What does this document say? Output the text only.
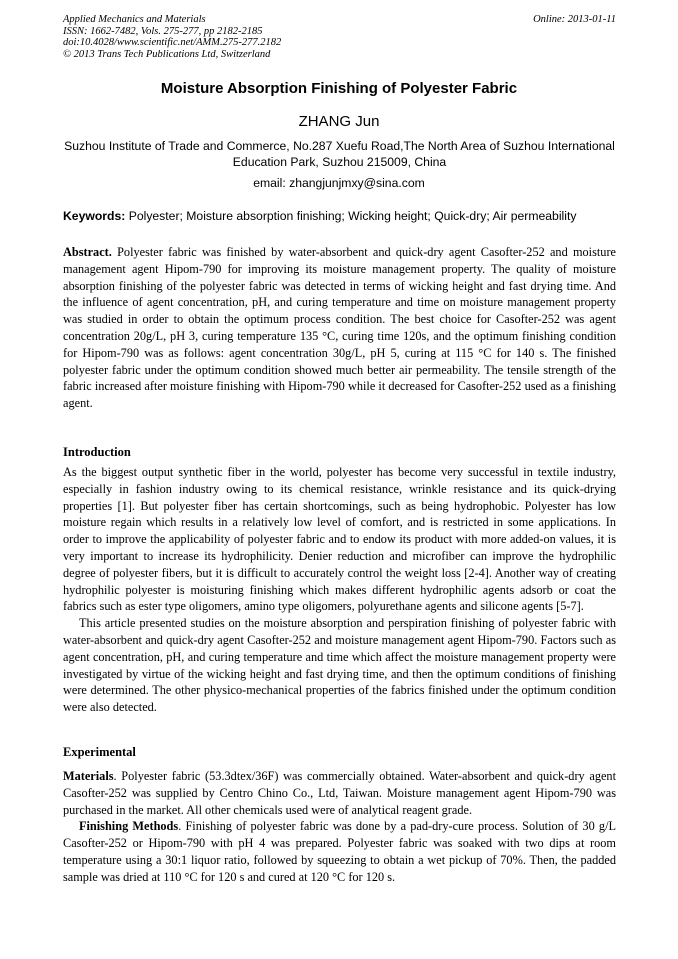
Applied Mechanics and Materials
ISSN: 1662-7482, Vols. 275-277, pp 2182-2185
doi:10.4028/www.scientific.net/AMM.275-277.2182
© 2013 Trans Tech Publications Ltd, Switzerland
Online: 2013-01-11
Moisture Absorption Finishing of Polyester Fabric
ZHANG Jun
Suzhou Institute of Trade and Commerce, No.287 Xuefu Road,The North Area of Suzhou International Education Park, Suzhou 215009, China
email: zhangjunjmxy@sina.com
Keywords: Polyester; Moisture absorption finishing; Wicking height; Quick-dry; Air permeability

Abstract. Polyester fabric was finished by water-absorbent and quick-dry agent Casofter-252 and moisture management agent Hipom-790 for improving its moisture management property. The quality of moisture absorption finishing of the polyester fabric was detected in terms of wicking height and fast drying time. And the influence of agent concentration, pH, and curing temperature and time on moisture management property was studied in order to obtain the optimum process condition. The best choice for Casofter-252 was agent concentration 20g/L, pH 3, curing temperature 135 °C, curing time 120s, and the optimum finishing condition for Hipom-790 was as follows: agent concentration 30g/L, pH 5, curing at 115 °C for 140 s. The finished polyester fabric under the optimum condition showed much better air permeability. The tensile strength of the fabric increased after moisture finishing with Hipom-790 while it decreased for Casofter-252 used as a finishing agent.

Introduction

As the biggest output synthetic fiber in the world, polyester has become very successful in textile industry, especially in fashion industry owing to its chemical resistance, wrinkle resistance and its quick-drying properties [1]. But polyester fiber has certain shortcomings, such as being hydrophobic. Polyester has low moisture regain which results in a relatively low level of comfort, and is restricted in some applications. In order to improve the applicability of polyester fabric and to endow its product with more added-on values, it is very important to increase its hydrophilicity. Denier reduction and microfiber can improve the hydrophilic degree of polyester fibers, but it is difficult to accurately control the weight loss [2-4]. Another way of creating hydrophilic polyester is moisturing finishing which makes different hydrophilic agents adsorb or coat the fabrics such as ester type oligomers, amino type oligomers, polyurethane agents and silicone agents [5-7].

This article presented studies on the moisture absorption and perspiration finishing of polyester fabric with water-absorbent and quick-dry agent Casofter-252 and moisture management agent Hipom-790. Factors such as agent concentration, pH, and curing temperature and time which affect the moisture management property were investigated by virtue of the wicking height and fast drying time, and then the optimum conditions of finishing were determined. The other physico-mechanical properties of the fabrics finished under the optimum condition were also detected.

Experimental

Materials. Polyester fabric (53.3dtex/36F) was commercially obtained. Water-absorbent and quick-dry agent Casofter-252 was supplied by Centro Chino Co., Ltd, Taiwan. Moisture management agent Hipom-790 was purchased in the market. All other chemicals used were of analytical reagent grade.

Finishing Methods. Finishing of polyester fabric was done by a pad-dry-cure process. Solution of 30 g/L Casofter-252 or Hipom-790 with pH 4 was prepared. Polyester fabric was soaked with two dips at room temperature using a 30:1 liquor ratio, followed by squeezing to obtain a wet pickup of 70%. Then, the padded sample was dried at 110 °C for 120 s and cured at 120 °C for 120 s.
